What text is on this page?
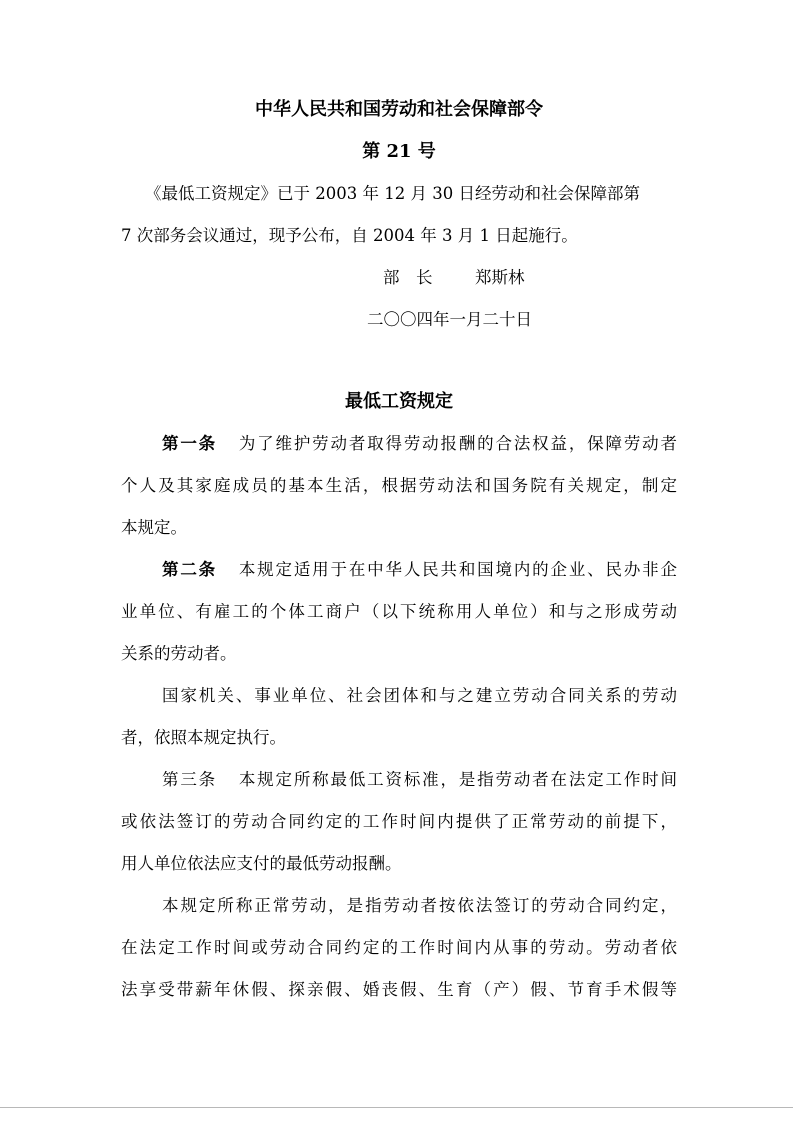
中华人民共和国劳动和社会保障部令
第 21 号
《最低工资规定》已于 2003 年 12 月 30 日经劳动和社会保障部第
7 次部务会议通过，现予公布，自 2004 年 3 月 1 日起施行。
部　长	郑斯林
二〇〇四年一月二十日
最低工资规定
第一条 为了维护劳动者取得劳动报酬的合法权益，保障劳动者
个人及其家庭成员的基本生活，根据劳动法和国务院有关规定，制定
本规定。
第二条 本规定适用于在中华人民共和国境内的企业、民办非企
业单位、有雇工的个体工商户（以下统称用人单位）和与之形成劳动
关系的劳动者。
国家机关、事业单位、社会团体和与之建立劳动合同关系的劳动
者，依照本规定执行。
第三条 本规定所称最低工资标准，是指劳动者在法定工作时间
或依法签订的劳动合同约定的工作时间内提供了正常劳动的前提下，
用人单位依法应支付的最低劳动报酬。
本规定所称正常劳动，是指劳动者按依法签订的劳动合同约定，
在法定工作时间或劳动合同约定的工作时间内从事的劳动。劳动者依
法享受带薪年休假、探亲假、婚丧假、生育（产）假、节育手术假等
